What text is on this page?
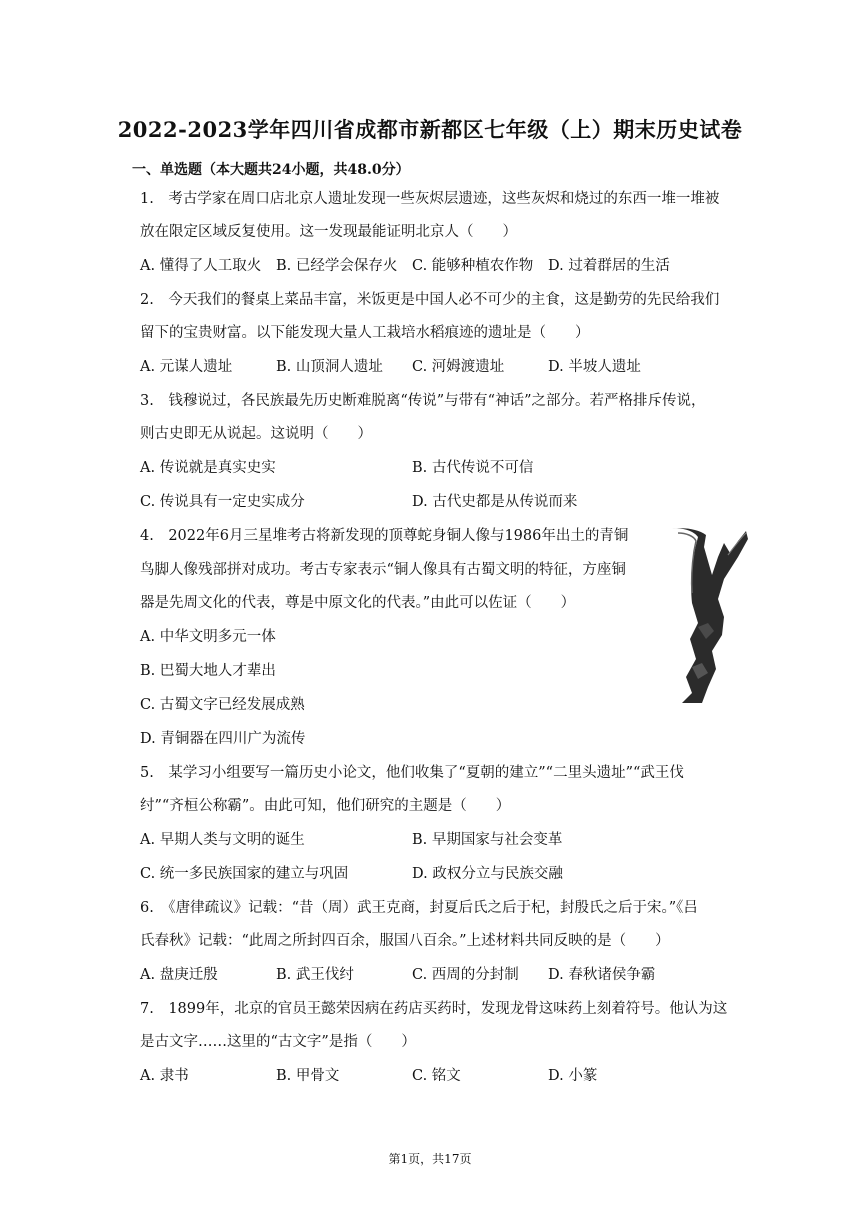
2022-2023学年四川省成都市新都区七年级（上）期末历史试卷
一、单选题（本大题共24小题，共48.0分）
1.　考古学家在周口店北京人遗址发现一些灰烬层遗迹，这些灰烬和烧过的东西一堆一堆被
放在限定区域反复使用。这一发现最能证明北京人（　　）
A. 懂得了人工取火 B. 已经学会保存火 C. 能够种植农作物 D. 过着群居的生活
2.　今天我们的餐桌上菜品丰富，米饭更是中国人必不可少的主食，这是勤劳的先民给我们
留下的宝贵财富。以下能发现大量人工栽培水稻痕迹的遗址是（　　）
A. 元谋人遗址	B. 山顶洞人遗址 C. 河姆渡遗址	D. 半坡人遗址
3.　钱穆说过，各民族最先历史断难脱离“传说”与带有“神话”之部分。若严格排斥传说，
则古史即无从说起。这说明（　　）
A. 传说就是真实史实	B. 古代传说不可信
C. 传说具有一定史实成分	D. 古代史都是从传说而来
4.　2022年6月三星堆考古将新发现的顶尊蛇身铜人像与1986年出土的青铜
鸟脚人像残部拼对成功。考古专家表示“铜人像具有古蜀文明的特征，方座铜
器是先周文化的代表，尊是中原文化的代表。”由此可以佐证（　　）
A. 中华文明多元一体
B. 巴蜀大地人才辈出
C. 古蜀文字已经发展成熟
D. 青铜器在四川广为流传
5.　某学习小组要写一篇历史小论文，他们收集了“夏朝的建立”“二里头遗址”“武王伐
纣”“齐桓公称霸”。由此可知，他们研究的主题是（　　）
A. 早期人类与文明的诞生	B. 早期国家与社会变革
C. 统一多民族国家的建立与巩固	D. 政权分立与民族交融
6.　《唐律疏议》记载：“昔（周）武王克商，封夏后氏之后于杞，封殷氏之后于宋。”《吕
氏春秋》记载：“此周之所封四百余，服国八百余。”上述材料共同反映的是（　　）
A. 盘庚迁殷	B. 武王伐纣	C. 西周的分封制 D. 春秋诸侯争霸
7.　1899年，北京的官员王懿荣因病在药店买药时，发现龙骨这味药上刻着符号。他认为这
是古文字……这里的“古文字”是指（　　）
A. 隶书	B. 甲骨文	C. 铭文	D. 小篆
第1页，共17页
